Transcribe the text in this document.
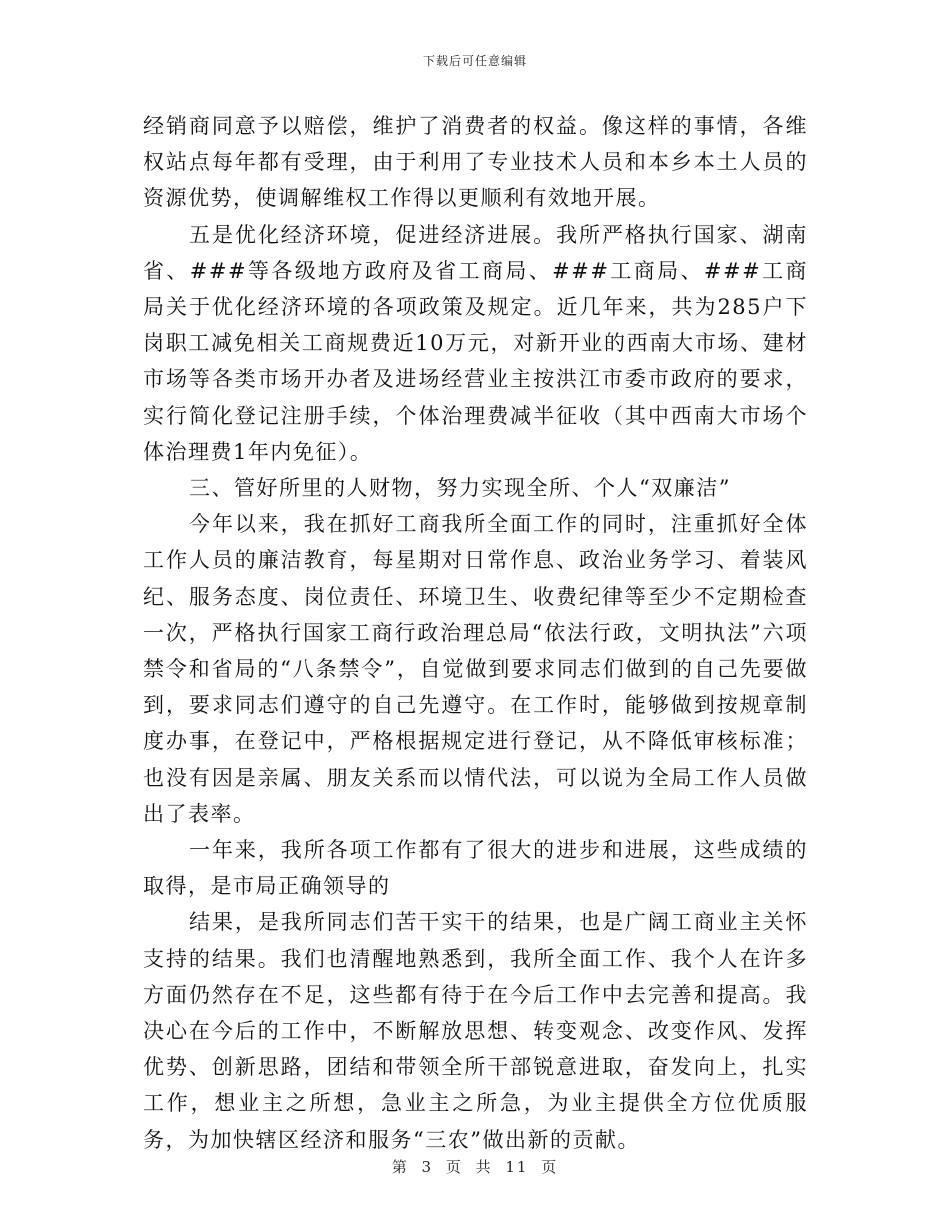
下载后可任意编辑

经销商同意予以赔偿，维护了消费者的权益。像这样的事情，各维权站点每年都有受理，由于利用了专业技术人员和本乡本土人员的资源优势，使调解维权工作得以更顺利有效地开展。

五是优化经济环境，促进经济进展。我所严格执行国家、湖南省、###等各级地方政府及省工商局、###工商局、###工商局关于优化经济环境的各项政策及规定。近几年来，共为285户下岗职工减免相关工商规费近10万元，对新开业的西南大市场、建材市场等各类市场开办者及进场经营业主按洪江市委市政府的要求，实行简化登记注册手续，个体治理费减半征收（其中西南大市场个体治理费1年内免征）。

三、管好所里的人财物，努力实现全所、个人“双廉洁”

今年以来，我在抓好工商我所全面工作的同时，注重抓好全体工作人员的廉洁教育，每星期对日常作息、政治业务学习、着装风纪、服务态度、岗位责任、环境卫生、收费纪律等至少不定期检查一次，严格执行国家工商行政治理总局“依法行政，文明执法”六项禁令和省局的“八条禁令”，自觉做到要求同志们做到的自己先要做到，要求同志们遵守的自己先遵守。在工作时，能够做到按规章制度办事，在登记中，严格根据规定进行登记，从不降低审核标准；也没有因是亲属、朋友关系而以情代法，可以说为全局工作人员做出了表率。

一年来，我所各项工作都有了很大的进步和进展，这些成绩的取得，是市局正确领导的

结果，是我所同志们苦干实干的结果，也是广阔工商业主关怀支持的结果。我们也清醒地熟悉到，我所全面工作、我个人在许多方面仍然存在不足，这些都有待于在今后工作中去完善和提高。我决心在今后的工作中，不断解放思想、转变观念、改变作风、发挥优势、创新思路，团结和带领全所干部锐意进取，奋发向上，扎实工作，想业主之所想，急业主之所急，为业主提供全方位优质服务，为加快辖区经济和服务“三农”做出新的贡献。

第 3 页 共 11 页
